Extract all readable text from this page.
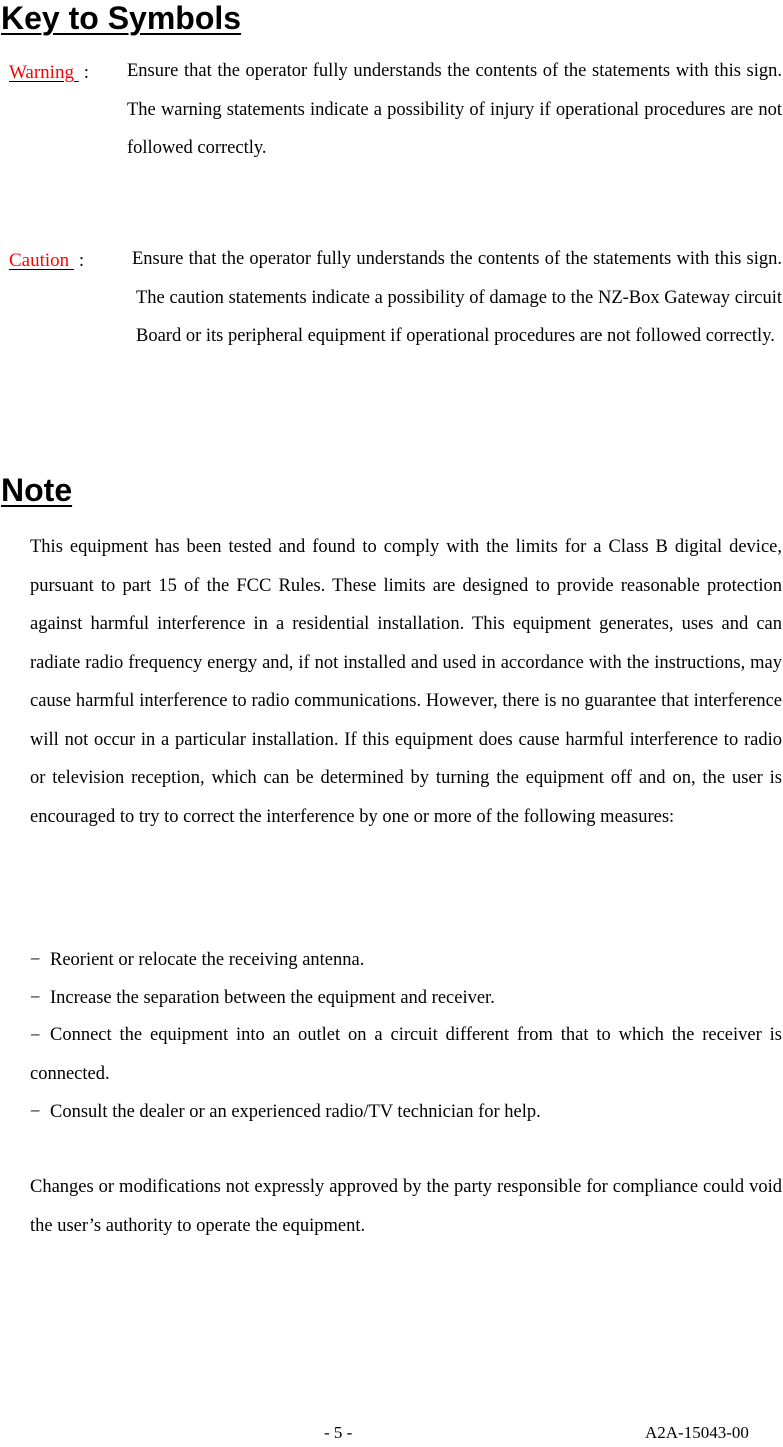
Key to Symbols
Warning : Ensure that the operator fully understands the contents of the statements with this sign. The warning statements indicate a possibility of injury if operational procedures are not followed correctly.

Caution :	Ensure that the operator fully understands the contents of the statements with this sign. The caution statements indicate a possibility of damage to the NZ-Box Gateway circuit Board or its peripheral equipment if operational procedures are not followed correctly.

Note

This equipment has been tested and found to comply with the limits for a Class B digital device, pursuant to part 15 of the FCC Rules. These limits are designed to provide reasonable protection against harmful interference in a residential installation. This equipment generates, uses and can radiate radio frequency energy and, if not installed and used in accordance with the instructions, may cause harmful interference to radio communications. However, there is no guarantee that interference will not occur in a particular installation. If this equipment does cause harmful interference to radio or television reception, which can be determined by turning the equipment off and on, the user is encouraged to try to correct the interference by one or more of the following measures:

− Reorient or relocate the receiving antenna.
− Increase the separation between the equipment and receiver.
− Connect the equipment into an outlet on a circuit different from that to which the receiver is connected.

− Consult the dealer or an experienced radio/TV technician for help.

Changes or modifications not expressly approved by the party responsible for compliance could void the user’s authority to operate the equipment.

- 5 -	A2A-15043-00
